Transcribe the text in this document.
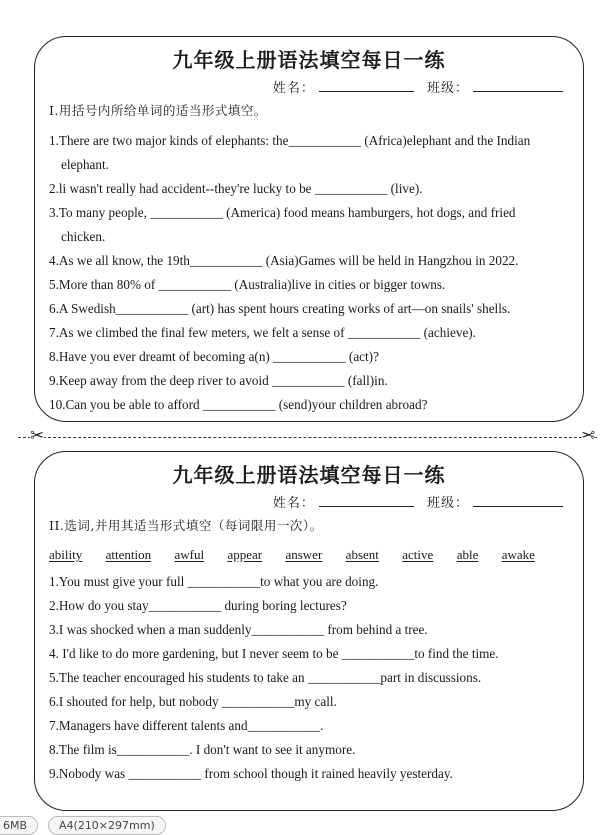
九年级上册语法填空每日一练
姓名：	班级：
I.用括号内所给单词的适当形式填空。

1.There are two major kinds of elephants: the___________ (Africa)elephant and the Indian
elephant.

2.li wasn't really had accident--they're lucky to be ___________ (live).

3.To many people, ___________ (America) food means hamburgers, hot dogs, and fried
chicken.

4.As we all know, the 19th___________ (Asia)Games will be held in Hangzhou in 2022.

5.More than 80% of ___________ (Australia)live in cities or bigger towns.

6.A Swedish___________ (art) has spent hours creating works of art—on snails' shells.

7.As we climbed the final few meters, we felt a sense of ___________ (achieve).

8.Have you ever dreamt of becoming a(n) ___________ (act)?

9.Keep away from the deep river to avoid ___________ (fall)in.

10.Can you be able to afford ___________ (send)your children abroad?

✂	✂
九年级上册语法填空每日一练
姓名：	班级：
II.选词,并用其适当形式填空（每词限用一次）。
ability attention awful appear answer absent active able awake

1.You must give your full ___________to what you are doing.

2.How do you stay___________ during boring lectures?

3.I was shocked when a man suddenly___________ from behind a tree.

4. I'd like to do more gardening, but I never seem to be ___________to find the time.

5.The teacher encouraged his students to take an ___________part in discussions.

6.I shouted for help, but nobody ___________my call.

7.Managers have different talents and___________.

8.The film is___________. I don't want to see it anymore.

9.Nobody was ___________ from school though it rained heavily yesterday.

6MB	A4(210×297mm)
